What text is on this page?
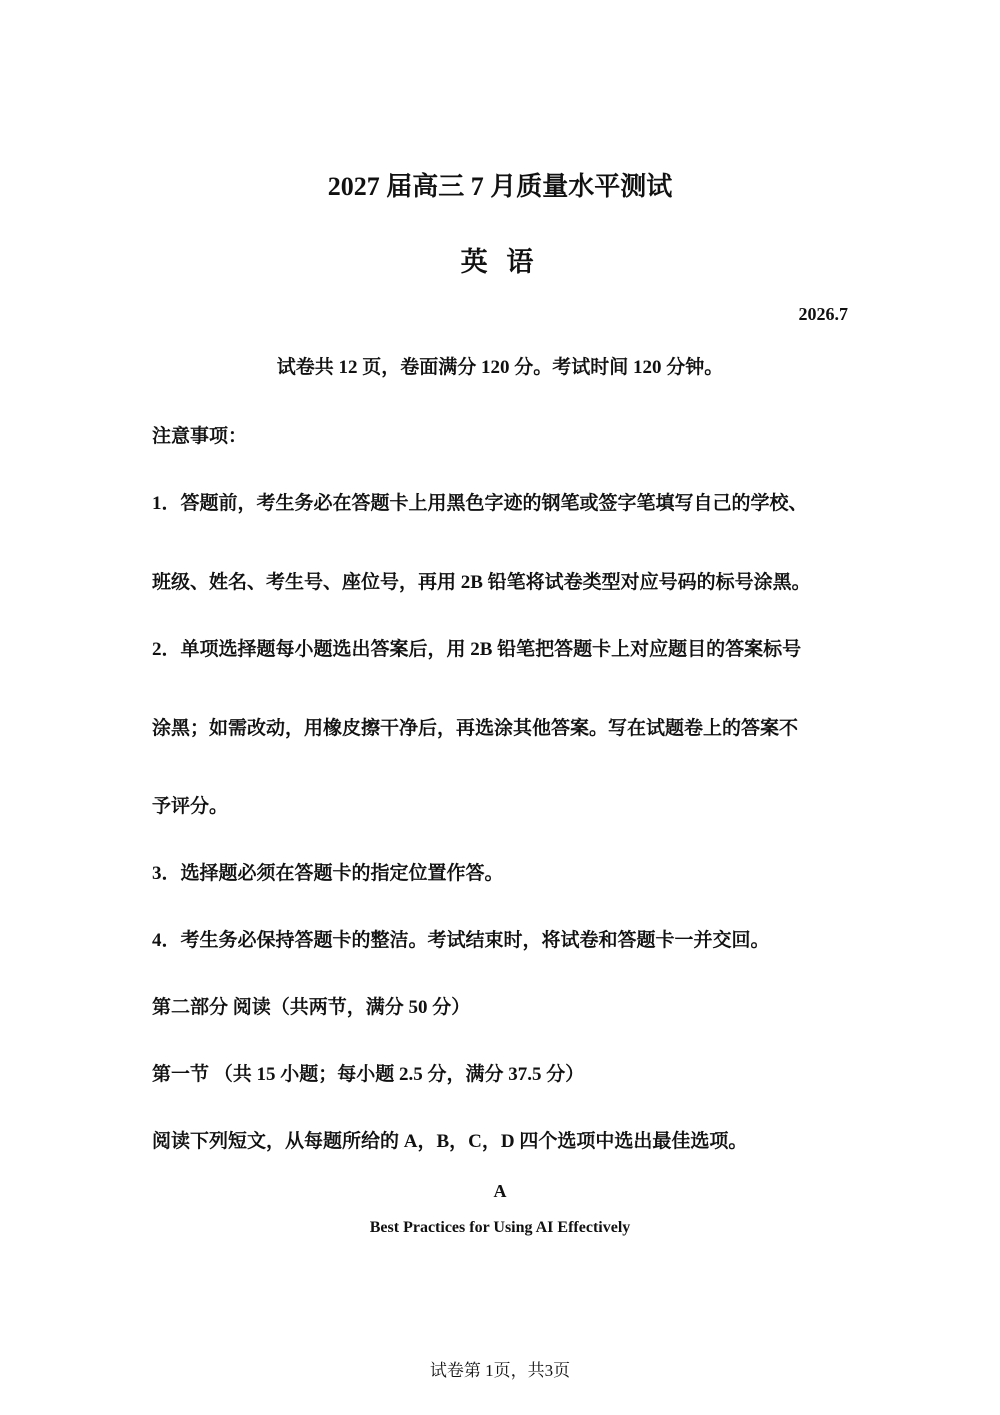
2027 届高三 7 月质量水平测试
英 语
2026.7
试卷共 12 页，卷面满分 120 分。考试时间 120 分钟。
注意事项：
1．答题前，考生务必在答题卡上用黑色字迹的钢笔或签字笔填写自己的学校、
班级、姓名、考生号、座位号，再用 2B 铅笔将试卷类型对应号码的标号涂黑。
2．单项选择题每小题选出答案后，用 2B 铅笔把答题卡上对应题目的答案标号
涂黑；如需改动，用橡皮擦干净后，再选涂其他答案。写在试题卷上的答案不
予评分。
3．选择题必须在答题卡的指定位置作答。
4．考生务必保持答题卡的整洁。考试结束时，将试卷和答题卡一并交回。
第二部分 阅读（共两节，满分 50 分）
第一节 （共 15 小题；每小题 2.5 分，满分 37.5 分）
阅读下列短文，从每题所给的 A，B，C，D 四个选项中选出最佳选项。
A
Best Practices for Using AI Effectively
试卷第 1页，共3页
